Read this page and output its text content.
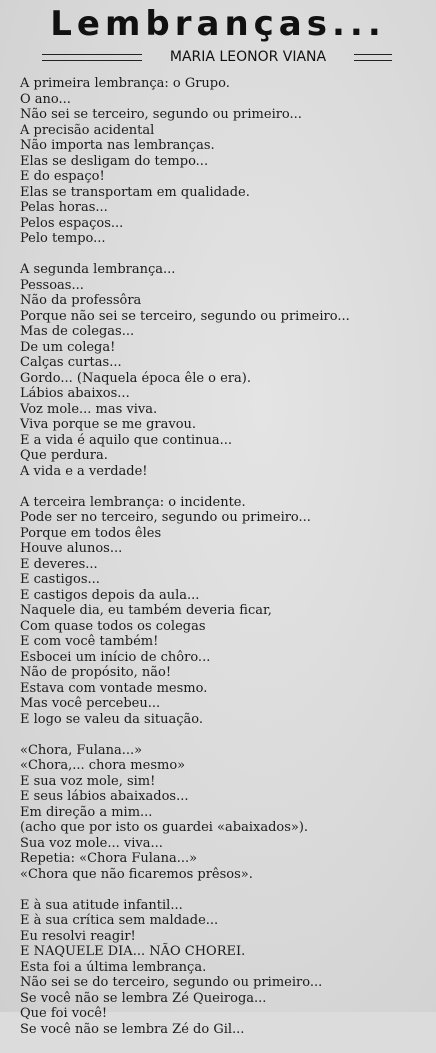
Lembranças...
MARIA LEONOR VIANA
A primeira lembrança: o Grupo.
O ano...
Não sei se terceiro, segundo ou primeiro...
A precisão acidental
Não importa nas lembranças.
Elas se desligam do tempo...
E do espaço!
Elas se transportam em qualidade.
Pelas horas...
Pelos espaços...
Pelo tempo...
A segunda lembrança...
Pessoas...
Não da professôra
Porque não sei se terceiro, segundo ou primeiro...
Mas de colegas...
De um colega!
Calças curtas...
Gordo... (Naquela época êle o era).
Lábios abaixos...
Voz mole... mas viva.
Viva porque se me gravou.
E a vida é aquilo que continua...
Que perdura.
A vida e a verdade!
A terceira lembrança: o incidente.
Pode ser no terceiro, segundo ou primeiro...
Porque em todos êles
Houve alunos...
E deveres...
E castigos...
E castigos depois da aula...
Naquele dia, eu também deveria ficar,
Com quase todos os colegas
E com você também!
Esbocei um início de chôro...
Não de propósito, não!
Estava com vontade mesmo.
Mas você percebeu...
E logo se valeu da situação.
«Chora, Fulana...»
«Chora,... chora mesmo»
E sua voz mole, sim!
E seus lábios abaixados...
Em direção a mim...
(acho que por isto os guardei «abaixados»).
Sua voz mole... viva...
Repetia: «Chora Fulana...»
«Chora que não ficaremos prêsos».
E à sua atitude infantil...
E à sua crítica sem maldade...
Eu resolvi reagir!
E NAQUELE DIA... NÃO CHOREI.
Esta foi a última lembrança.
Não sei se do terceiro, segundo ou primeiro...
Se você não se lembra Zé Queiroga...
Que foi você!
Se você não se lembra Zé do Gil...
